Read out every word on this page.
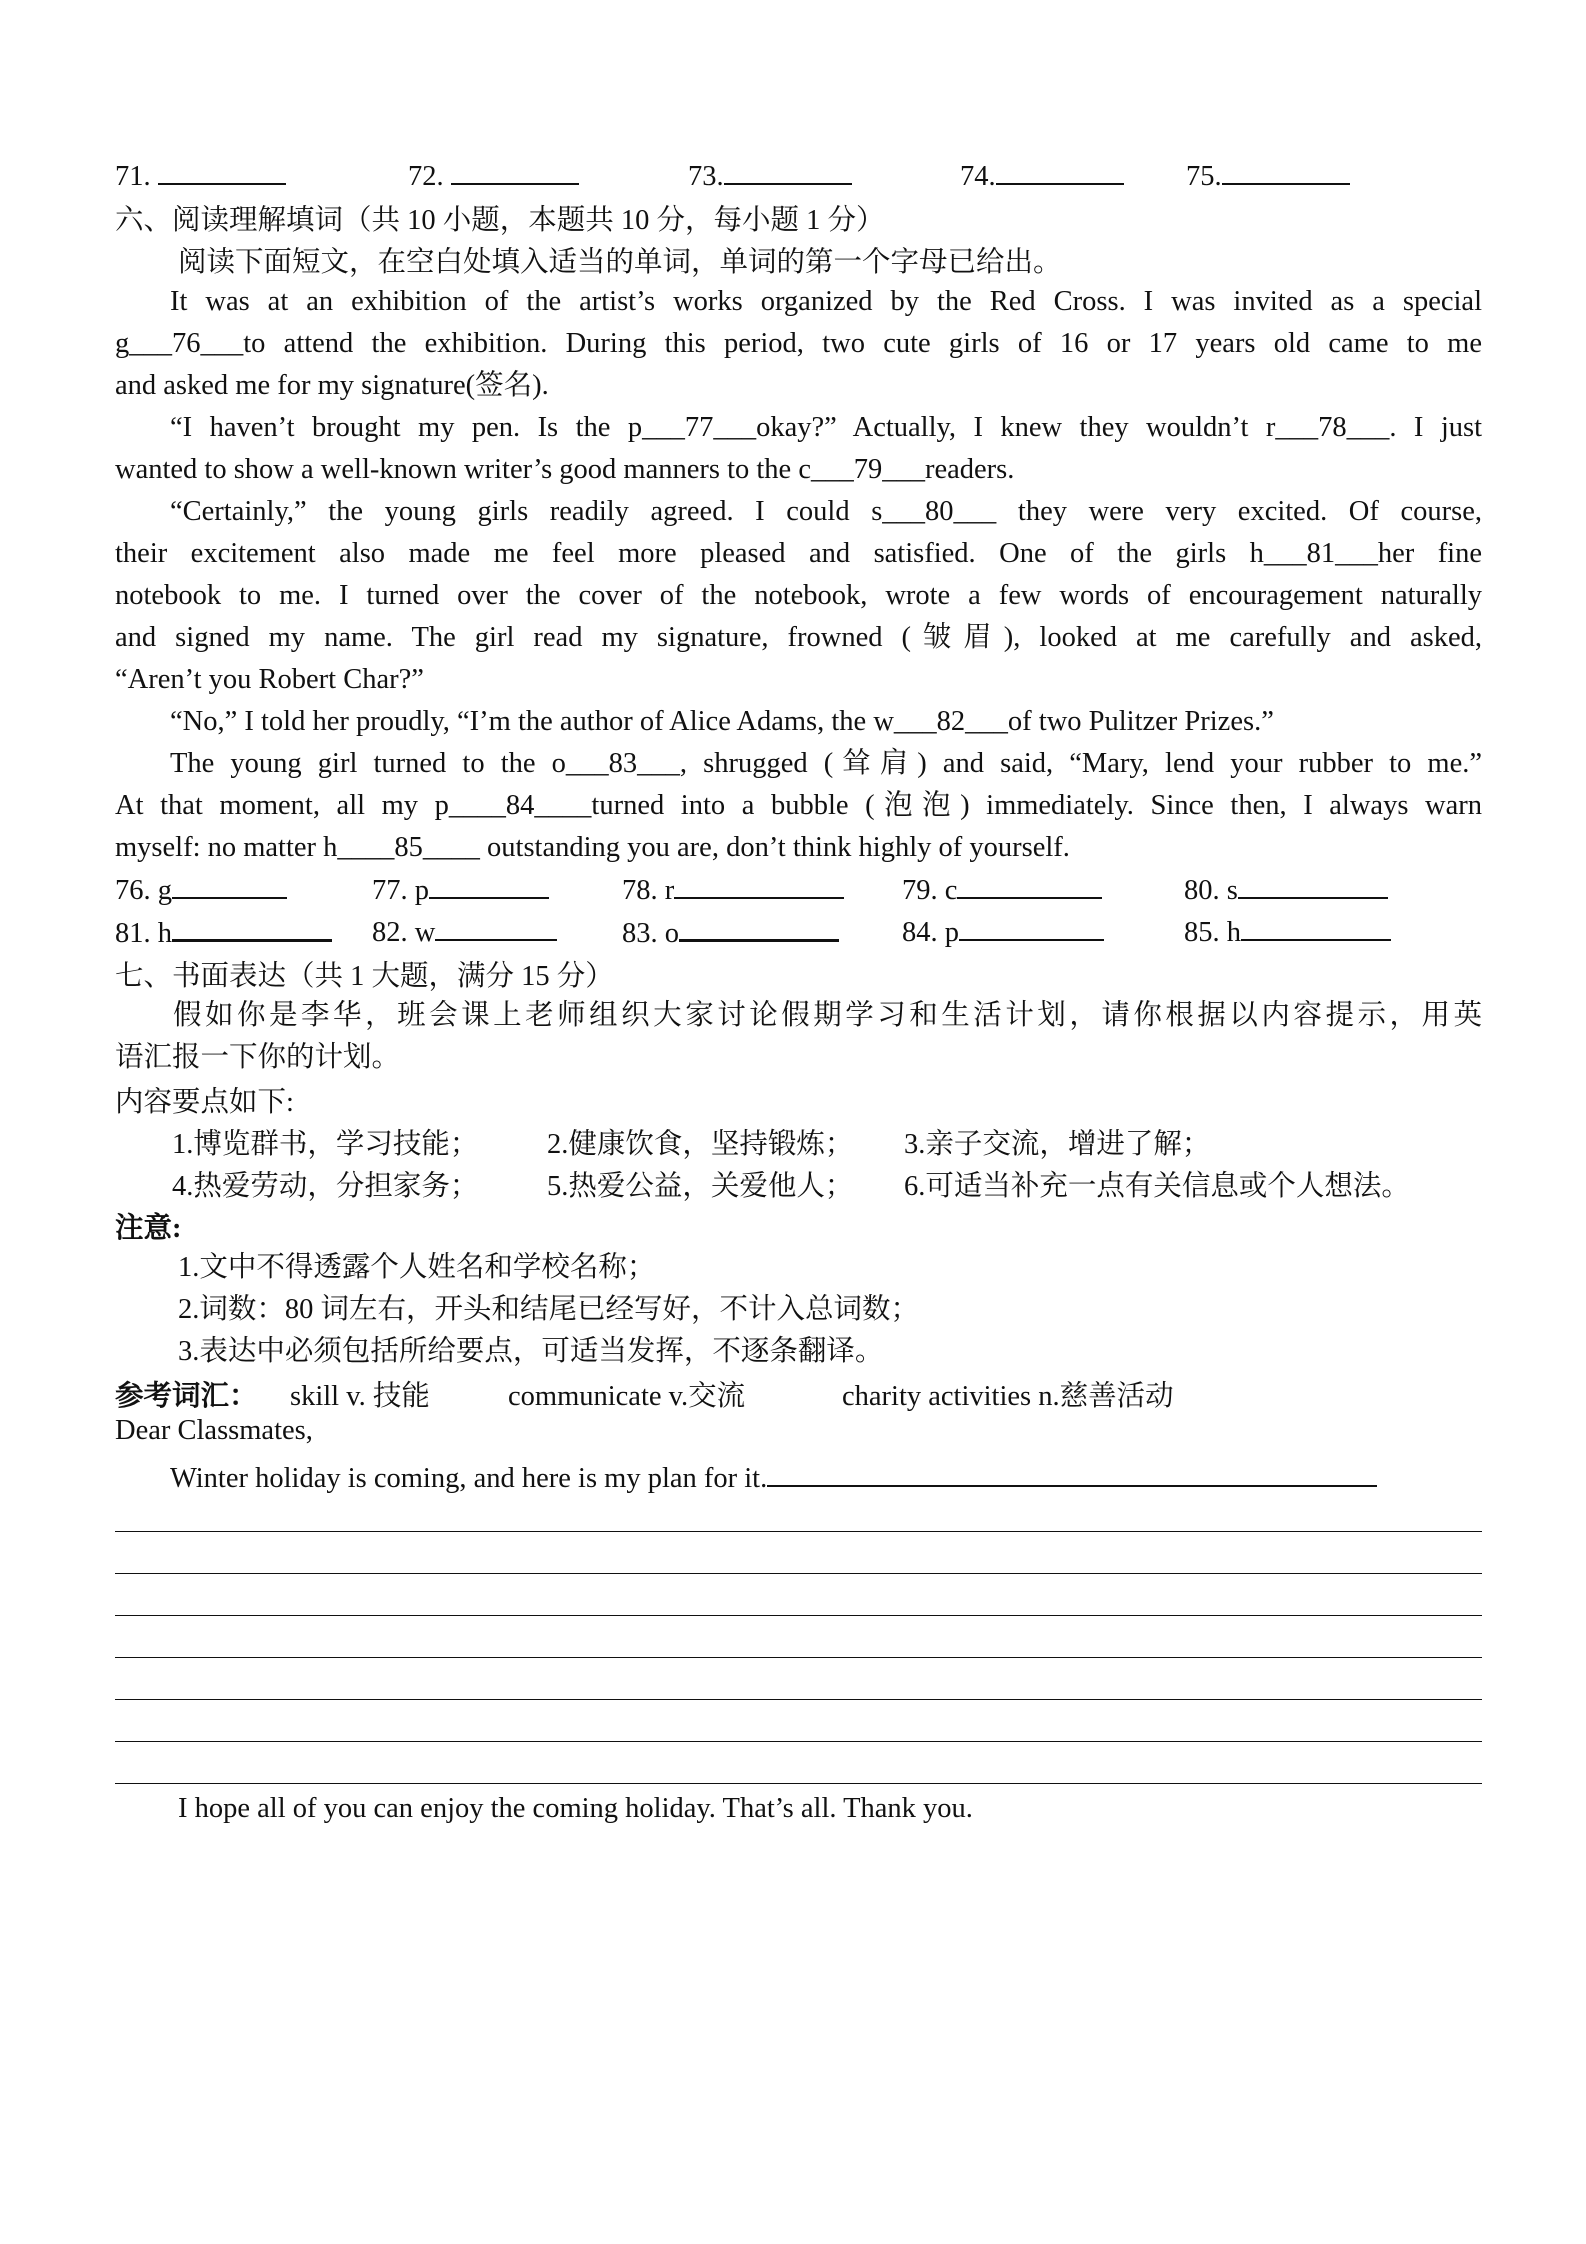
71.	72.	73.	74.	75.
六、阅读理解填词（共 10 小题，本题共 10 分，每小题 1 分）
阅读下面短文，在空白处填入适当的单词，单词的第一个字母已给出。
It was at an exhibition of the artist’s works organized by the Red Cross. I was invited as a special
g___76___to attend the exhibition. During this period, two cute girls of 16 or 17 years old came to me
and asked me for my signature(签名).
“I haven’t brought my pen. Is the p___77___okay?” Actually, I knew they wouldn’t r___78___. I just
wanted to show a well-known writer’s good manners to the c___79___readers.
“Certainly,” the young girls readily agreed. I could s___80___ they were very excited. Of course,
their excitement also made me feel more pleased and satisfied. One of the girls h___81___her fine
notebook to me. I turned over the cover of the notebook, wrote a few words of encouragement naturally
and signed my name. The girl read my signature, frowned (皱眉), looked at me carefully and asked,
“Aren’t you Robert Char?”
“No,” I told her proudly, “I’m the author of Alice Adams, the w___82___of two Pulitzer Prizes.”
The young girl turned to the o___83___, shrugged (耸肩) and said, “Mary, lend your rubber to me.”
At that moment, all my p____84____turned into a bubble (泡泡) immediately. Since then, I always warn
myself: no matter h____85____ outstanding you are, don’t think highly of yourself.
76. g	77. p	78. r	79. c	80. s
81. h	82. w	83. o	84. p	85. h
七、书面表达（共 1 大题，满分 15 分）
假如你是李华，班会课上老师组织大家讨论假期学习和生活计划，请你根据以内容提示，用英
语汇报一下你的计划。
内容要点如下:
1.博览群书，学习技能； 2.健康饮食，坚持锻炼； 3.亲子交流，增进了解；
4.热爱劳动，分担家务； 5.热爱公益，关爱他人； 6.可适当补充一点有关信息或个人想法。
注意:
1.文中不得透露个人姓名和学校名称；
2.词数：80 词左右，开头和结尾已经写好，不计入总词数；
3.表达中必须包括所给要点，可适当发挥，不逐条翻译。
参考词汇： skill v. 技能	communicate v.交流	charity activities n.慈善活动
Dear Classmates,
Winter holiday is coming, and here is my plan for it.
I hope all of you can enjoy the coming holiday. That’s all. Thank you.
